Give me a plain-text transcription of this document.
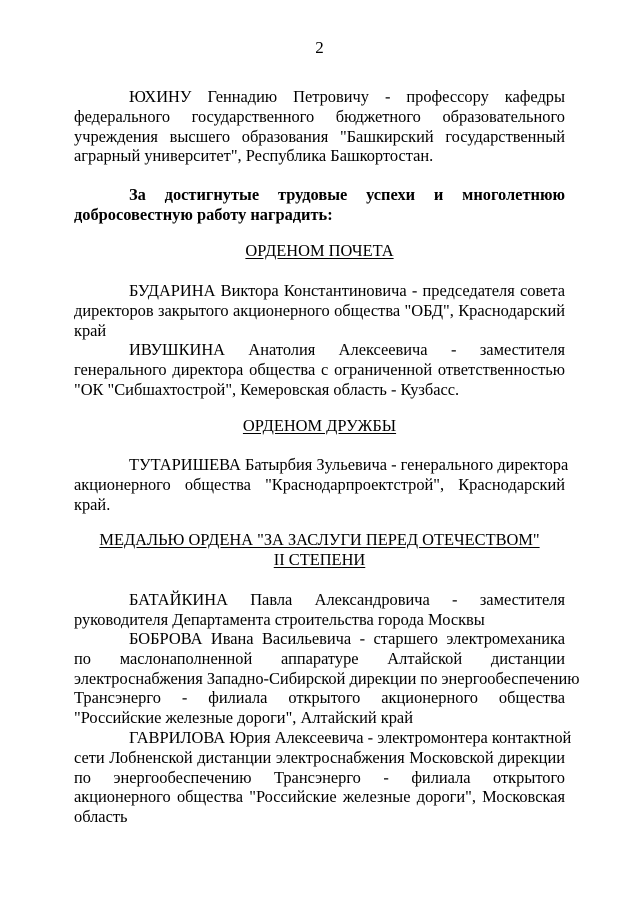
2
ЮХИНУ Геннадию Петровичу - профессору кафедры
федерального государственного бюджетного образовательного
учреждения высшего образования "Башкирский государственный
аграрный университет", Республика Башкортостан.
За достигнутые трудовые успехи и многолетнюю
добросовестную работу наградить:
ОРДЕНОМ ПОЧЕТА
БУДАРИНА Виктора Константиновича - председателя совета
директоров закрытого акционерного общества "ОБД", Краснодарский
край
ИВУШКИНА Анатолия Алексеевича - заместителя
генерального директора общества с ограниченной ответственностью
"ОК "Сибшахтострой", Кемеровская область - Кузбасс.
ОРДЕНОМ ДРУЖБЫ
ТУТАРИШЕВА Батырбия Зульевича - генерального директора
акционерного общества "Краснодарпроектстрой", Краснодарский
край.
МЕДАЛЬЮ ОРДЕНА "ЗА ЗАСЛУГИ ПЕРЕД ОТЕЧЕСТВОМ"
II СТЕПЕНИ
БАТАЙКИНА Павла Александровича - заместителя
руководителя Департамента строительства города Москвы
БОБРОВА Ивана Васильевича - старшего электромеханика
по маслонаполненной аппаратуре Алтайской дистанции
электроснабжения Западно-Сибирской дирекции по энергообеспечению
Трансэнерго - филиала открытого акционерного общества
"Российские железные дороги", Алтайский край
ГАВРИЛОВА Юрия Алексеевича - электромонтера контактной
сети Лобненской дистанции электроснабжения Московской дирекции
по энергообеспечению Трансэнерго - филиала открытого
акционерного общества "Российские железные дороги", Московская
область
